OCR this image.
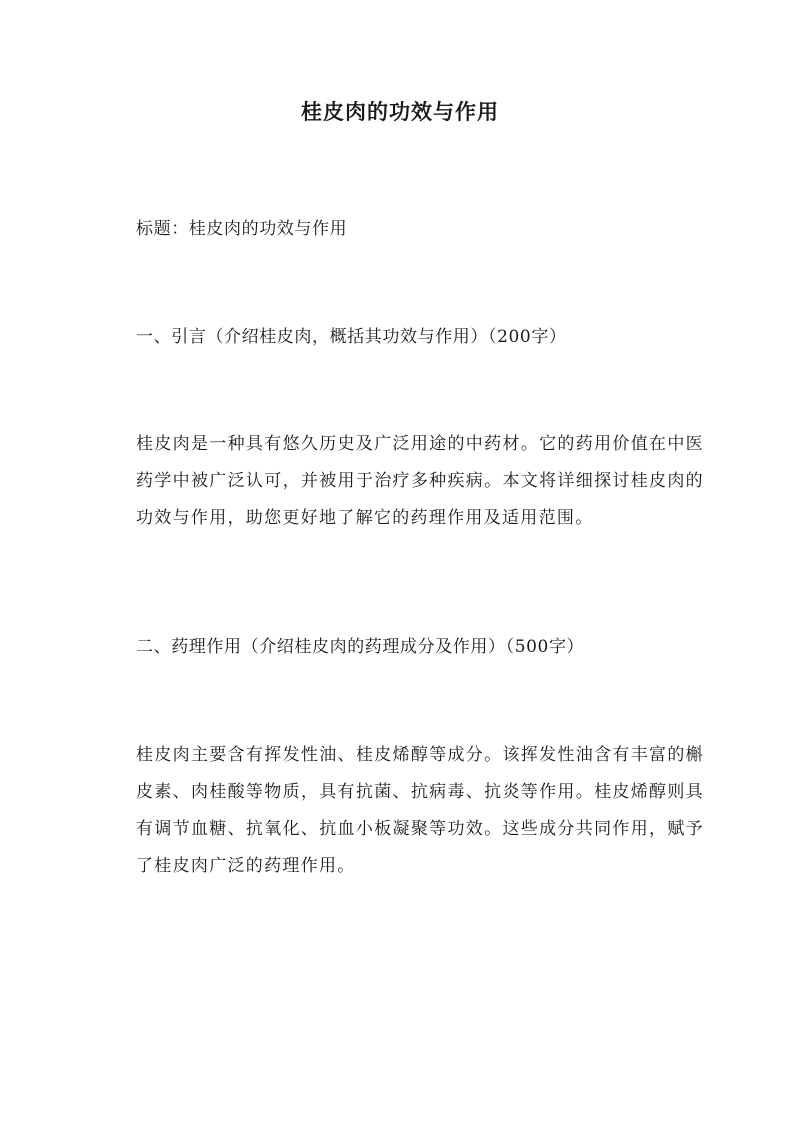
桂皮肉的功效与作用

标题：桂皮肉的功效与作用

一、引言（介绍桂皮肉，概括其功效与作用）（200字）

桂皮肉是一种具有悠久历史及广泛用途的中药材。它的药用价值在中医药学中被广泛认可，并被用于治疗多种疾病。本文将详细探讨桂皮肉的功效与作用，助您更好地了解它的药理作用及适用范围。

二、药理作用（介绍桂皮肉的药理成分及作用）（500字）

桂皮肉主要含有挥发性油、桂皮烯醇等成分。该挥发性油含有丰富的槲皮素、肉桂酸等物质，具有抗菌、抗病毒、抗炎等作用。桂皮烯醇则具有调节血糖、抗氧化、抗血小板凝聚等功效。这些成分共同作用，赋予了桂皮肉广泛的药理作用。
